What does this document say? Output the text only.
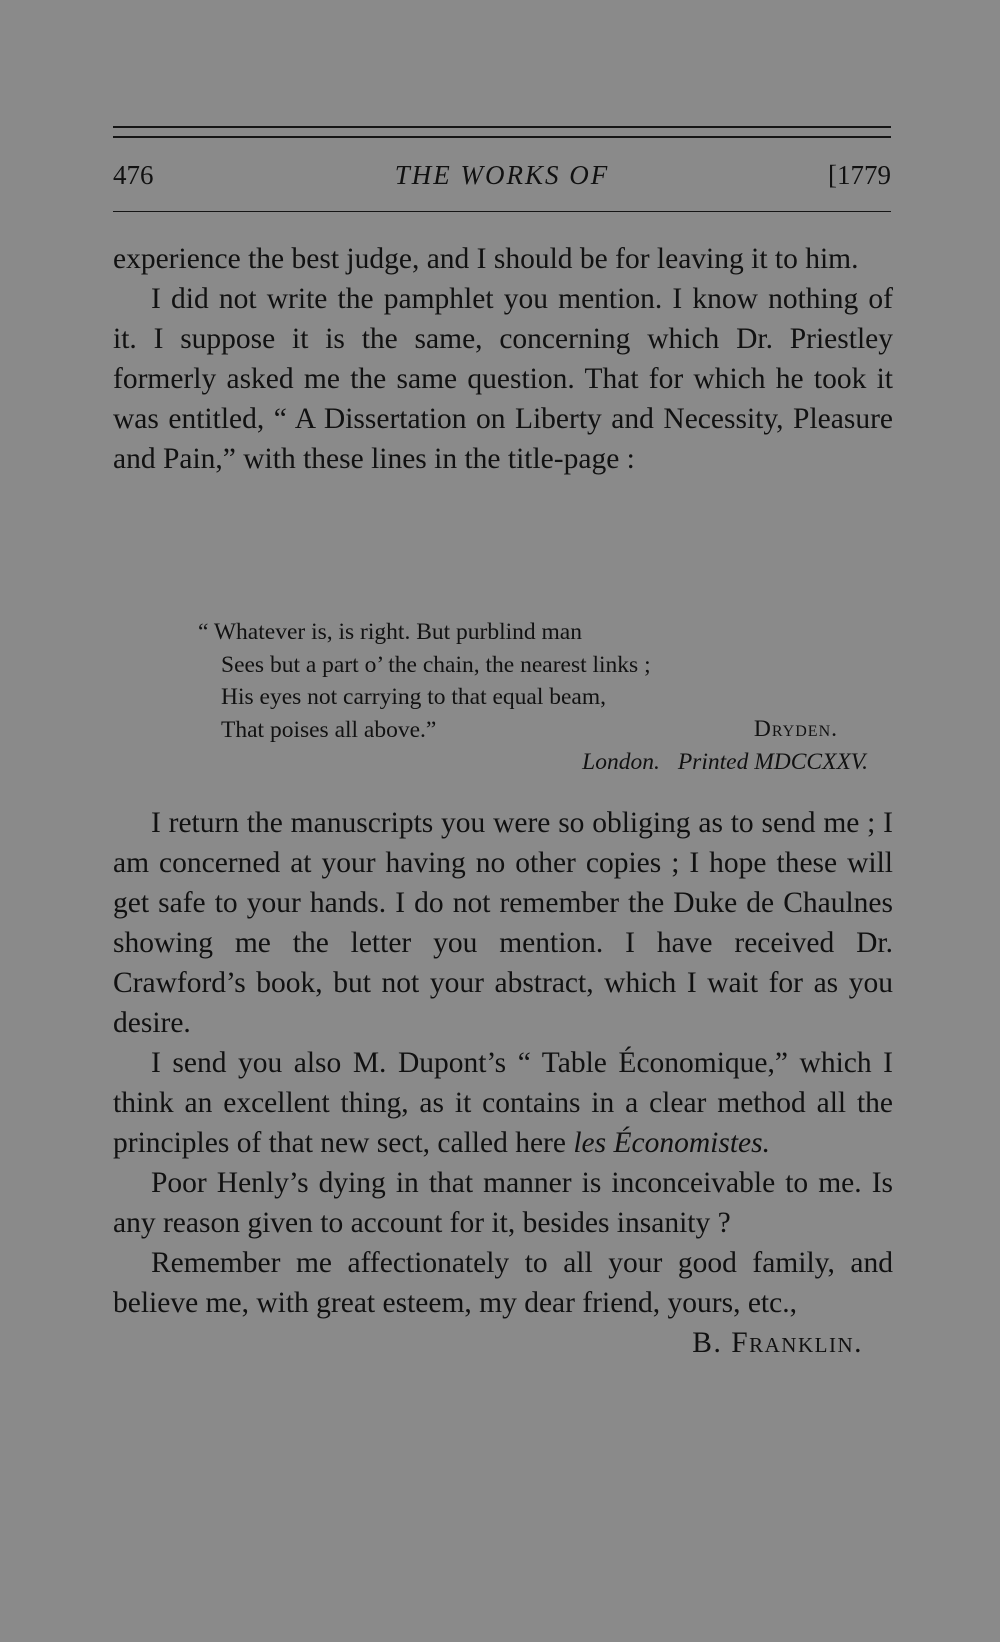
476	THE WORKS OF	[1779

experience the best judge, and I should be for leaving it to him.

I did not write the pamphlet you mention. I know nothing of it. I suppose it is the same, concerning which Dr. Priestley formerly asked me the same question. That for which he took it was entitled, “ A Dissertation on Liberty and Necessity, Pleasure and Pain,” with these lines in the title-page :

“ Whatever is, is right. But purblind man
Sees but a part o’ the chain, the nearest links ;
His eyes not carrying to that equal beam,
That poises all above.”	Dryden.
London. Printed MDCCXXV.

I return the manuscripts you were so obliging as to send me ; I am concerned at your having no other copies ; I hope these will get safe to your hands. I do not remember the Duke de Chaulnes showing me the letter you mention. I have received Dr. Crawford’s book, but not your abstract, which I wait for as you desire.

I send you also M. Dupont’s “ Table Économique,” which I think an excellent thing, as it contains in a clear method all the principles of that new sect, called here les Économistes.

Poor Henly’s dying in that manner is inconceivable to me. Is any reason given to account for it, besides insanity ?

Remember me affectionately to all your good family, and believe me, with great esteem, my dear friend, yours, etc.,

B. Franklin.
